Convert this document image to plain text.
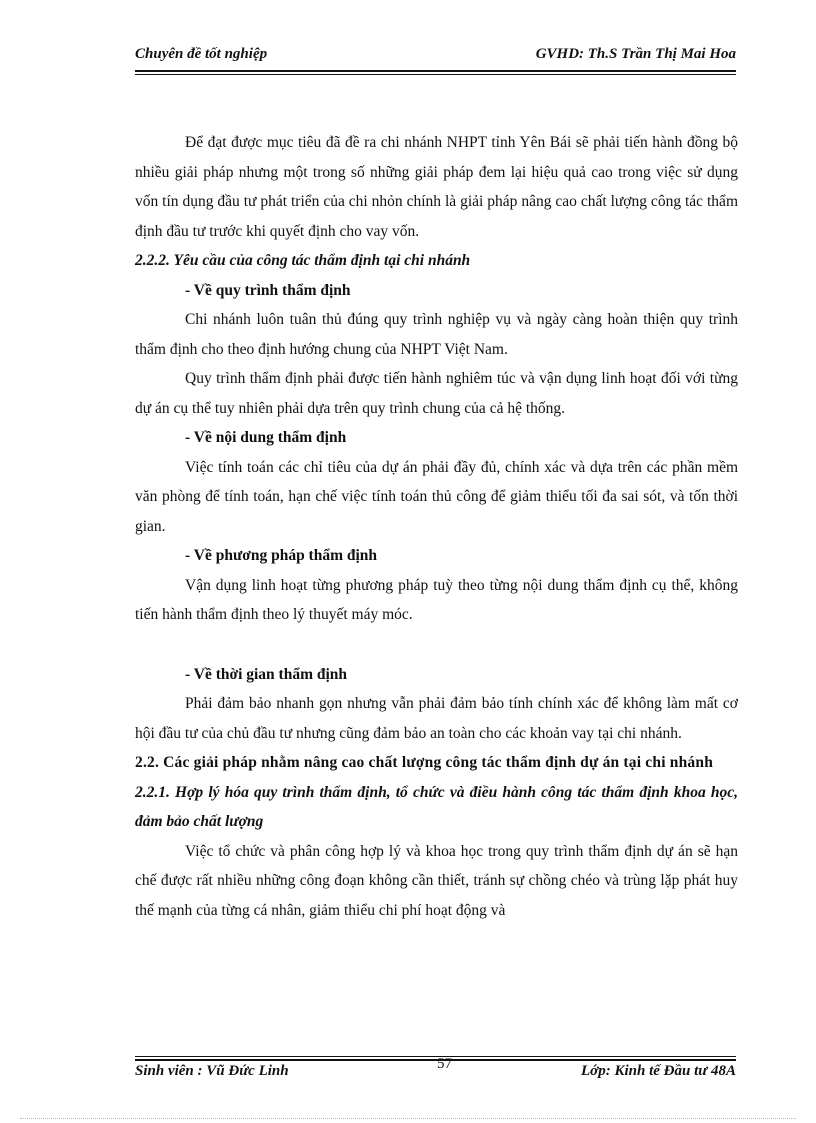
Chuyên đề tốt nghiệp	GVHD: Th.S Trần Thị Mai Hoa

Để đạt được mục tiêu đã đề ra chi nhánh NHPT tỉnh Yên Bái sẽ phải tiến hành đồng bộ nhiều giải pháp nhưng một trong số những giải pháp đem lại hiệu quả cao trong việc sử dụng vốn tín dụng đầu tư phát triển của chi nhỏn chính là giải pháp nâng cao chất lượng công tác thẩm định đầu tư trước khi quyết định cho vay vốn.

2.2.2. Yêu cầu của công tác thẩm định tại chi nhánh

- Về quy trình thẩm định

Chi nhánh luôn tuân thủ đúng quy trình nghiệp vụ và ngày càng hoàn thiện quy trình thẩm định cho theo định hướng chung của NHPT Việt Nam.

Quy trình thẩm định phải được tiến hành nghiêm túc và vận dụng linh hoạt đối với từng dự án cụ thể tuy nhiên phải dựa trên quy trình chung của cả hệ thống.

- Về nội dung thẩm định

Việc tính toán các chỉ tiêu của dự án phải đầy đủ, chính xác và dựa trên các phần mềm văn phòng để tính toán, hạn chế việc tính toán thủ công để giảm thiểu tối đa sai sót, và tốn thời gian.

- Về phương pháp thẩm định

Vận dụng linh hoạt từng phương pháp tuỳ theo từng nội dung thẩm định cụ thể, không tiến hành thẩm định theo lý thuyết máy móc.

- Về thời gian thẩm định

Phải đảm bảo nhanh gọn nhưng vẫn phải đảm bảo tính chính xác để không làm mất cơ hội đầu tư của chủ đầu tư nhưng cũng đảm bảo an toàn cho các khoản vay tại chi nhánh.

2.2. Các giải pháp nhằm nâng cao chất lượng công tác thẩm định dự án tại chi nhánh

2.2.1. Hợp lý hóa quy trình thẩm định, tổ chức và điều hành công tác thẩm định khoa học, đảm bảo chất lượng

Việc tổ chức và phân công hợp lý và khoa học trong quy trình thẩm định dự án sẽ hạn chế được rất nhiều những công đoạn không cần thiết, tránh sự chồng chéo và trùng lặp phát huy thế mạnh của từng cá nhân, giảm thiểu chi phí hoạt động và

Sinh viên : Vũ Đức Linh	Lớp: Kinh tế Đầu tư 48A
57
